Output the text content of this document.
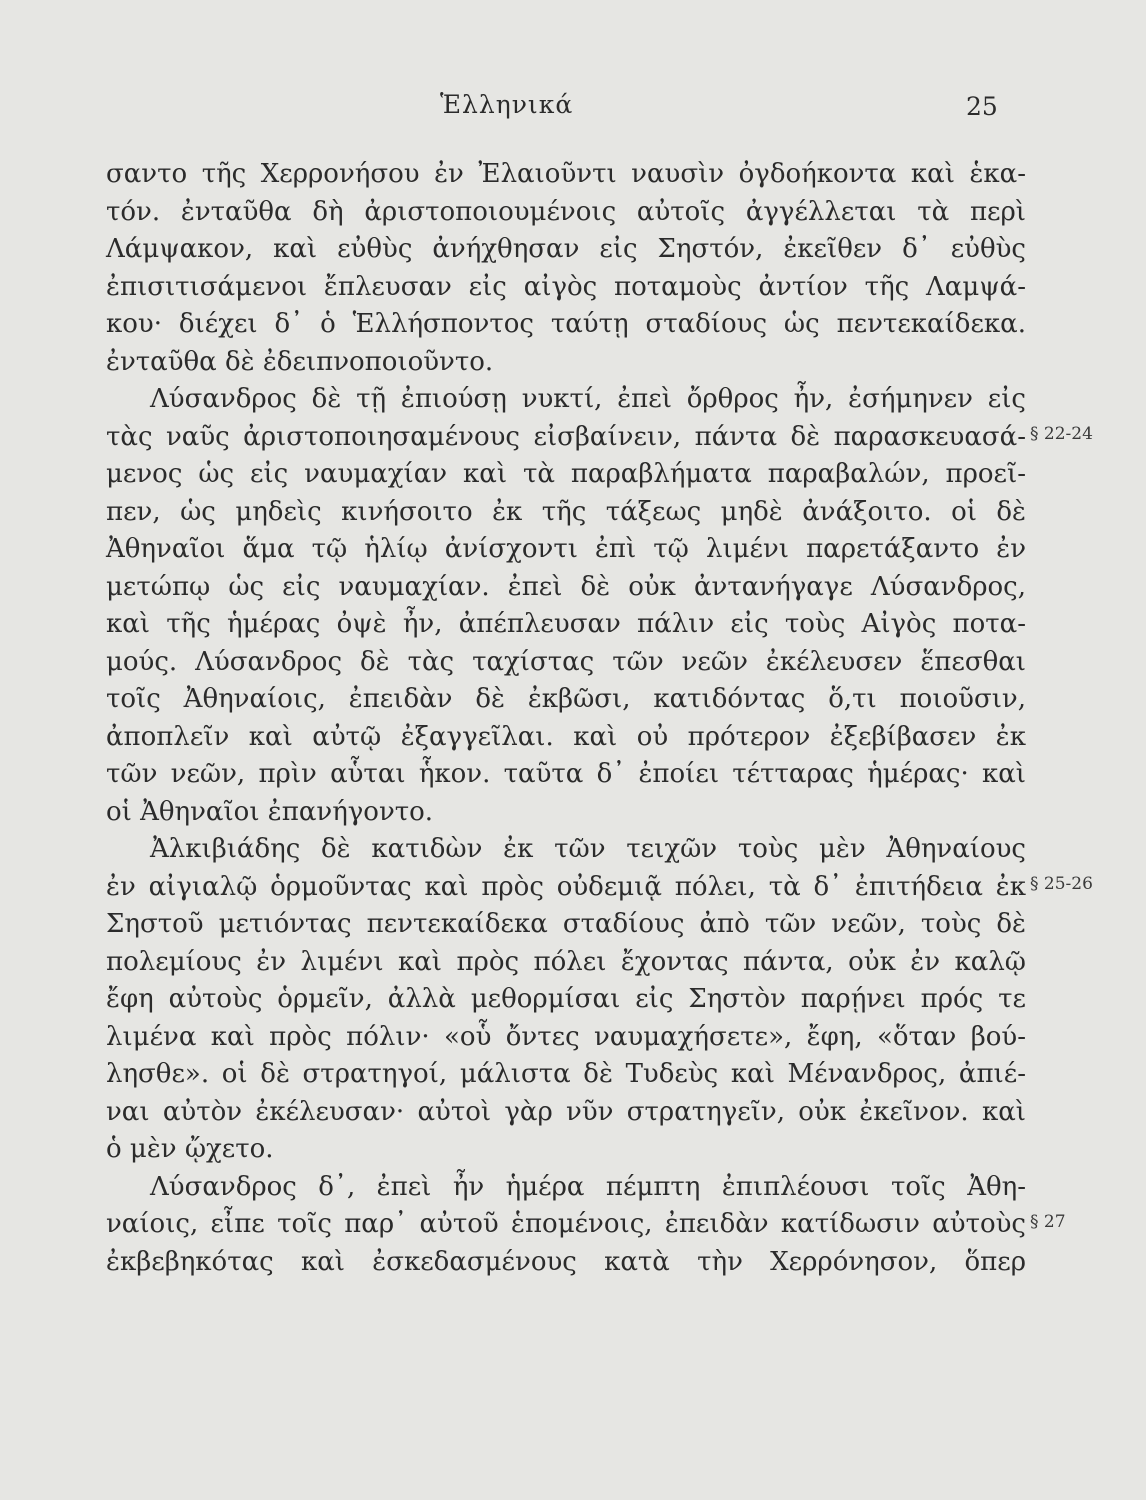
Ἑλληνικά	25
σαντο τῆς Χερρονήσου ἐν Ἐλαιοῦντι ναυσὶν ὀγδοήκοντα καὶ ἑκα-
τόν. ἐνταῦθα δὴ ἀριστοποιουμένοις αὐτοῖς ἀγγέλλεται τὰ περὶ
Λάμψακον, καὶ εὐθὺς ἀνήχθησαν εἰς Σηστόν, ἐκεῖθεν δ᾽ εὐθὺς
ἐπισιτισάμενοι ἔπλευσαν εἰς αἰγὸς ποταμοὺς ἀντίον τῆς Λαμψά-
κου· διέχει δ᾽ ὁ Ἑλλήσποντος ταύτῃ σταδίους ὡς πεντεκαίδεκα.
ἐνταῦθα δὲ ἐδειπνοποιοῦντο.
Λύσανδρος δὲ τῇ ἐπιούσῃ νυκτί, ἐπεὶ ὄρθρος ἦν, ἐσήμηνεν εἰς
τὰς ναῦς ἀριστοποιησαμένους εἰσβαίνειν, πάντα δὲ παρασκευασά-
μενος ὡς εἰς ναυμαχίαν καὶ τὰ παραβλήματα παραβαλών, προεῖ-
πεν, ὡς μηδεὶς κινήσοιτο ἐκ τῆς τάξεως μηδὲ ἀνάξοιτο. οἱ δὲ
Ἀθηναῖοι ἅμα τῷ ἡλίῳ ἀνίσχοντι ἐπὶ τῷ λιμένι παρετάξαντο ἐν
μετώπῳ ὡς εἰς ναυμαχίαν. ἐπεὶ δὲ οὐκ ἀντανήγαγε Λύσανδρος,
καὶ τῆς ἡμέρας ὀψὲ ἦν, ἀπέπλευσαν πάλιν εἰς τοὺς Αἰγὸς ποτα-
μούς. Λύσανδρος δὲ τὰς ταχίστας τῶν νεῶν ἐκέλευσεν ἕπεσθαι
τοῖς Ἀθηναίοις, ἐπειδὰν δὲ ἐκβῶσι, κατιδόντας ὅ,τι ποιοῦσιν,
ἀποπλεῖν καὶ αὐτῷ ἐξαγγεῖλαι. καὶ οὐ πρότερον ἐξεβίβασεν ἐκ
τῶν νεῶν, πρὶν αὗται ἧκον. ταῦτα δ᾽ ἐποίει τέτταρας ἡμέρας· καὶ
οἱ Ἀθηναῖοι ἐπανήγοντο.
Ἀλκιβιάδης δὲ κατιδὼν ἐκ τῶν τειχῶν τοὺς μὲν Ἀθηναίους
ἐν αἰγιαλῷ ὁρμοῦντας καὶ πρὸς οὐδεμιᾷ πόλει, τὰ δ᾽ ἐπιτήδεια ἐκ
Σηστοῦ μετιόντας πεντεκαίδεκα σταδίους ἀπὸ τῶν νεῶν, τοὺς δὲ
πολεμίους ἐν λιμένι καὶ πρὸς πόλει ἔχοντας πάντα, οὐκ ἐν καλῷ
ἔφη αὐτοὺς ὁρμεῖν, ἀλλὰ μεθορμίσαι εἰς Σηστὸν παρῄνει πρός τε
λιμένα καὶ πρὸς πόλιν· «οὗ ὄντες ναυμαχήσετε», ἔφη, «ὅταν βού-
λησθε». οἱ δὲ στρατηγοί, μάλιστα δὲ Τυδεὺς καὶ Μένανδρος, ἀπιέ-
ναι αὐτὸν ἐκέλευσαν· αὐτοὶ γὰρ νῦν στρατηγεῖν, οὐκ ἐκεῖνον. καὶ
ὁ μὲν ᾤχετο.
Λύσανδρος δ᾽, ἐπεὶ ἦν ἡμέρα πέμπτη ἐπιπλέουσι τοῖς Ἀθη-
ναίοις, εἶπε τοῖς παρ᾽ αὐτοῦ ἑπομένοις, ἐπειδὰν κατίδωσιν αὐτοὺς
ἐκβεβηκότας καὶ ἐσκεδασμένους κατὰ τὴν Χερρόνησον, ὅπερ
§ 22-24
§ 25-26
§ 27
